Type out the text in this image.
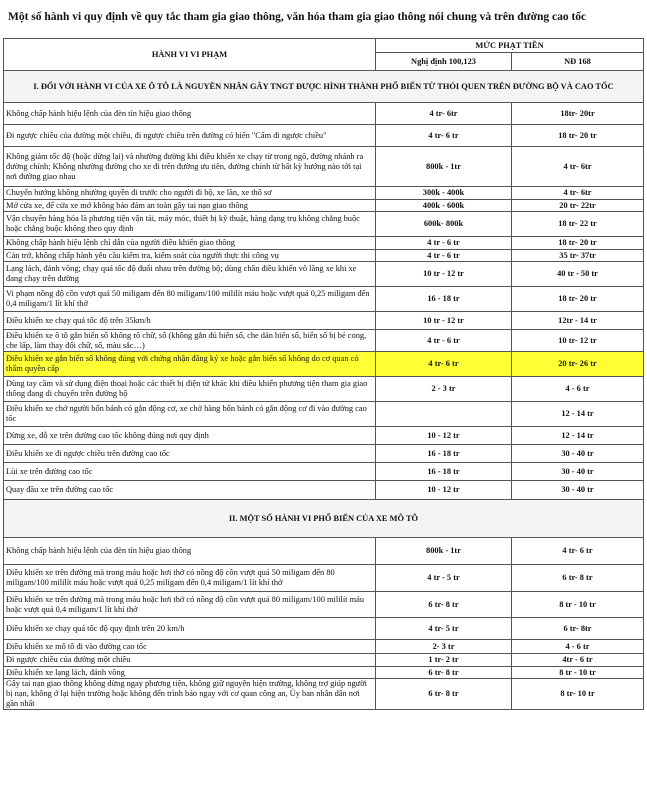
Một số hành vi quy định về quy tắc tham gia giao thông, văn hóa tham gia giao thông nói chung và trên đường cao tốc
HÀNH VI VI PHẠM	MỨC PHẠT TIỀN	
	Nghị định 100,123	NĐ 168
I. ĐỐI VỚI HÀNH VI CỦA XE Ô TÔ LÀ NGUYÊN NHÂN GÂY TNGT ĐƯỢC HÌNH THÀNH PHỔ BIẾN TỪ THÓI QUEN TRÊN ĐƯỜNG BỘ VÀ CAO TỐC		
Không chấp hành hiệu lệnh của đèn tín hiệu giao thông	4 tr- 6tr	18tr- 20tr
Đi ngược chiều của đường một chiều, đi ngược chiều trên đường có biển "Cấm đi ngược chiều"	4 tr- 6 tr	18 tr- 20 tr
Không giảm tốc độ (hoặc dừng lại) và nhường đường khi điều khiển xe chạy từ trong ngõ, đường nhánh ra đường chính; Không nhường đường cho xe đi trên đường ưu tiên, đường chính từ bất kỳ hướng nào tới tại nơi đường giao nhau	800k - 1tr	4 tr- 6tr
Chuyển hướng không nhường quyền đi trước cho người đi bộ, xe lăn, xe thô sơ	300k - 400k	4 tr- 6tr
Mở cửa xe, để cửa xe mở không bảo đảm an toàn gây tai nạn giao thông	400k - 600k	20 tr- 22tr
Vận chuyển hàng hóa là phương tiện vận tải, máy móc, thiết bị kỹ thuật, hàng dạng trụ không chằng buộc hoặc chằng buộc không theo quy định	600k- 800k	18 tr- 22 tr
Không chấp hành hiệu lệnh chỉ dẫn của người điều khiển giao thông	4 tr - 6 tr	18 tr- 20 tr
Cản trở, không chấp hành yêu cầu kiểm tra, kiểm soát của người thực thi công vụ	4 tr - 6 tr	35 tr- 37tr
Lạng lách, đánh võng; chạy quá tốc độ đuổi nhau trên đường bộ; dùng chân điều khiển vô lăng xe khi xe đang chạy trên đường	10 tr - 12 tr	40 tr - 50 tr
Vi phạm nồng độ cồn vượt quá 50 miligam đến 80 miligam/100 mililít máu hoặc vượt quá 0,25 miligam đến 0,4 miligam/1 lít khí thở	16 - 18 tr	18 tr- 20 tr
Điều khiển xe chạy quá tốc độ trên 35km/h	10 tr - 12 tr	12tr - 14 tr
Điều khiển xe ô tô gắn biển số không rõ chữ, số (không gắn đủ biển số, che dán biển số, biển số bị bẻ cong, che lấp, làm thay đổi chữ, số, màu sắc…)	4 tr - 6 tr	10 tr- 12 tr
Điều khiển xe gắn biển số không đúng với chứng nhận đăng ký xe hoặc gắn biển số không do cơ quan có thẩm quyền cấp	4 tr- 6 tr	20 tr- 26 tr
Dùng tay cầm và sử dụng điện thoại hoặc các thiết bị điện tử khác khi điều khiển phương tiện tham gia giao thông đang di chuyển trên đường bộ	2 - 3 tr	4 - 6 tr
Điều khiển xe chở người bốn bánh có gắn động cơ, xe chở hàng bốn bánh có gắn động cơ đi vào đường cao tốc		12 - 14 tr
Dừng xe, đỗ xe trên đường cao tốc không đúng nơi quy định	10 - 12 tr	12 - 14 tr
Điều khiển xe đi ngược chiều trên đường cao tốc	16 - 18 tr	30 - 40 tr
Lùi xe trên đường cao tốc	16 - 18 tr	30 - 40 tr
Quay đầu xe trên đường cao tốc	10 - 12 tr	30 - 40 tr
II. MỘT SỐ HÀNH VI PHỔ BIẾN CỦA XE MÔ TÔ		
Không chấp hành hiệu lệnh của đèn tín hiệu giao thông	800k - 1tr	4 tr- 6 tr
Điều khiển xe trên đường mà trong máu hoặc hơi thở có nồng độ cồn vượt quá 50 miligam đến 80 miligam/100 mililít máu hoặc vượt quá 0,25 miligam đến 0,4 miligam/1 lít khí thở	4 tr - 5 tr	6 tr- 8 tr
Điều khiển xe trên đường mà trong máu hoặc hơi thở có nồng độ cồn vượt quá 80 miligam/100 mililít máu hoặc vượt quá 0,4 miligam/1 lít khí thở	6 tr- 8 tr	8 tr - 10 tr
Điều khiển xe chạy quá tốc độ quy định trên 20 km/h	4 tr- 5 tr	6 tr- 8tr
Điều khiển xe mô tô đi vào đường cao tốc	2- 3 tr	4 - 6 tr
Đi ngược chiều của đường một chiều	1 tr- 2 tr	4tr - 6 tr
Điều khiển xe lạng lách, đánh võng	6 tr- 8 tr	8 tr - 10 tr
Gây tai nạn giao thông không dừng ngay phương tiện, không giữ nguyên hiện trường, không trợ giúp người bị nạn, không ở lại hiện trường hoặc không đến trình báo ngay với cơ quan công an, Ủy ban nhân dân nơi gần nhất	6 tr- 8 tr	8 tr- 10 tr
